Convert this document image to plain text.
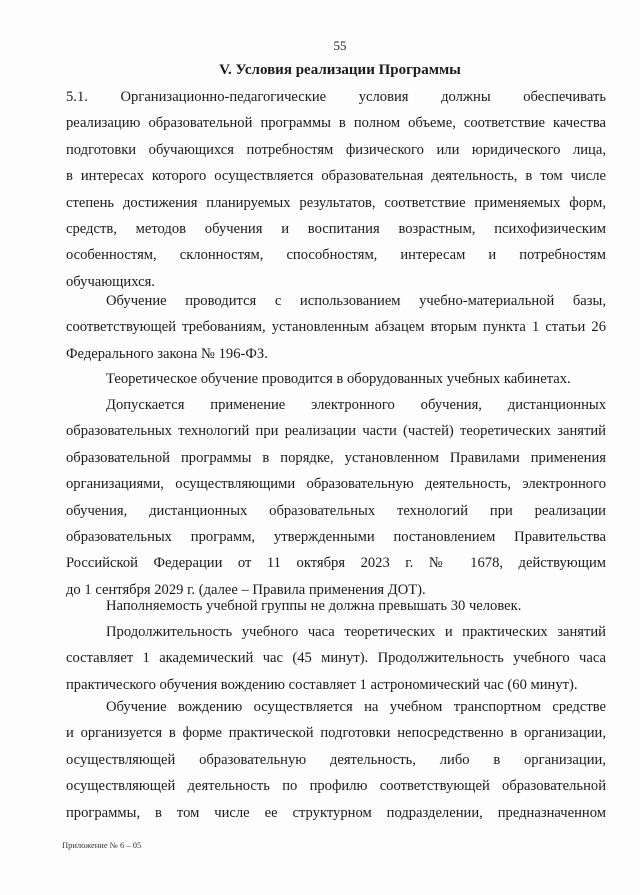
55
V. Условия реализации Программы
5.1. Организационно-педагогические условия должны обеспечивать
реализацию образовательной программы в полном объеме, соответствие качества
подготовки обучающихся потребностям физического или юридического лица,
в интересах которого осуществляется образовательная деятельность, в том числе
степень достижения планируемых результатов, соответствие применяемых форм,
средств, методов обучения и воспитания возрастным, психофизическим
особенностям, склонностям, способностям, интересам и потребностям
обучающихся.
Обучение проводится с использованием учебно-материальной базы,
соответствующей требованиям, установленным абзацем вторым пункта 1 статьи 26
Федерального закона № 196-ФЗ.
Теоретическое обучение проводится в оборудованных учебных кабинетах.
Допускается применение электронного обучения, дистанционных
образовательных технологий при реализации части (частей) теоретических занятий
образовательной программы в порядке, установленном Правилами применения
организациями, осуществляющими образовательную деятельность, электронного
обучения, дистанционных образовательных технологий при реализации
образовательных программ, утвержденными постановлением Правительства
Российской Федерации от 11 октября 2023 г. № 1678, действующим
до 1 сентября 2029 г. (далее – Правила применения ДОТ).
Наполняемость учебной группы не должна превышать 30 человек.
Продолжительность учебного часа теоретических и практических занятий
составляет 1 академический час (45 минут). Продолжительность учебного часа
практического обучения вождению составляет 1 астрономический час (60 минут).
Обучение вождению осуществляется на учебном транспортном средстве
и организуется в форме практической подготовки непосредственно в организации,
осуществляющей образовательную деятельность, либо в организации,
осуществляющей деятельность по профилю соответствующей образовательной
программы, в том числе ее структурном подразделении, предназначенном
Приложение № 6 – 05
